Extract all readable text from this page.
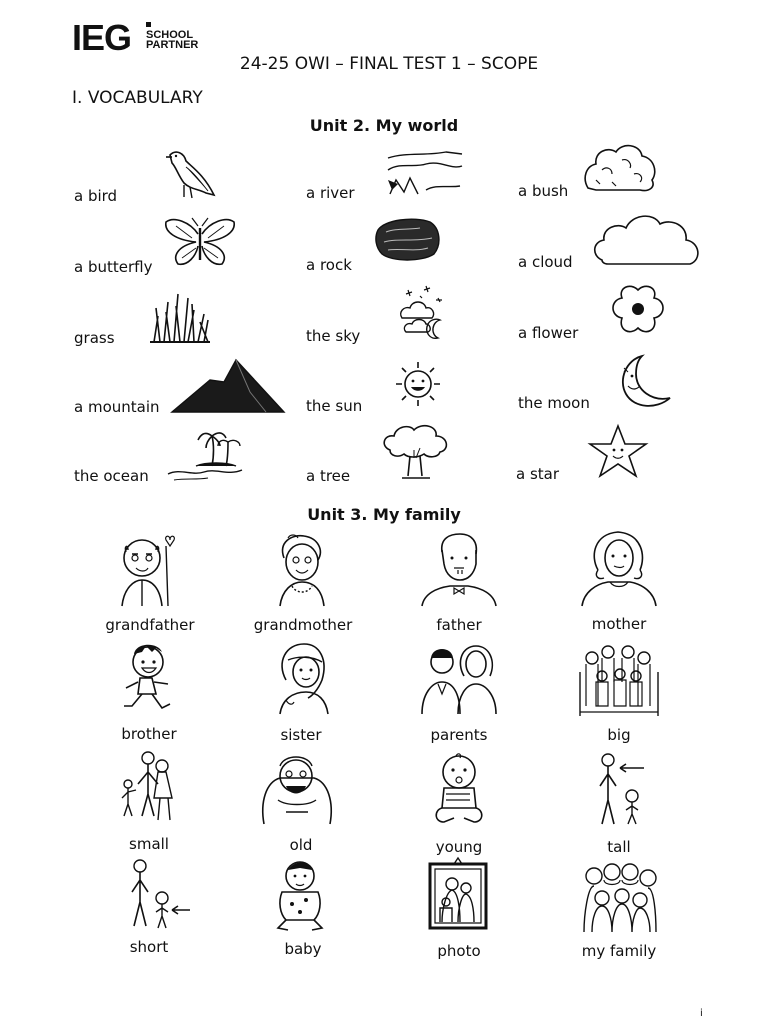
IEG SCHOOL
PARTNER
24-25 OWI – FINAL TEST 1 – SCOPE
I. VOCABULARY
Unit 2. My world
a bird	a river	a bush
a butterfly	a rock	a cloud
grass	the sky	a flower
a mountain	the sun	the moon
the ocean	a tree	a star
Unit 3. My family
grandfather	grandmother	father	mother
brother	sister	parents	big
small	old	young	tall
short	baby	photo	my family
i
